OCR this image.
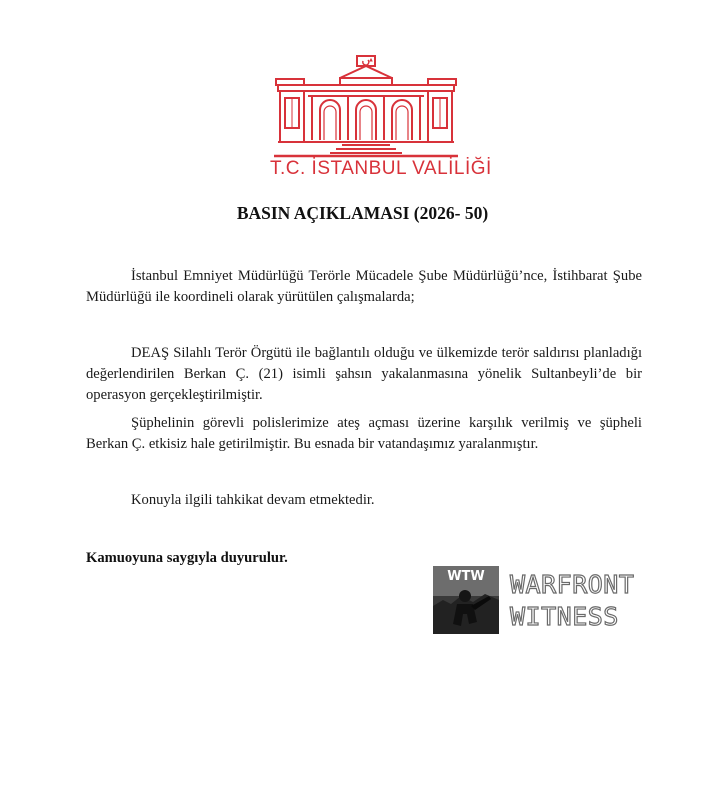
T.C. İSTANBUL VALİLİĞİ
BASIN AÇIKLAMASI (2026- 50)

İstanbul Emniyet Müdürlüğü Terörle Mücadele Şube Müdürlüğü’nce, İstihbarat Şube Müdürlüğü ile koordineli olarak yürütülen çalışmalarda;

DEAŞ Silahlı Terör Örgütü ile bağlantılı olduğu ve ülkemizde terör saldırısı planladığı değerlendirilen Berkan Ç. (21) isimli şahsın yakalanmasına yönelik Sultanbeyli’de bir operasyon gerçekleştirilmiştir.

Şüphelinin görevli polislerimize ateş açması üzerine karşılık verilmiş ve şüpheli Berkan Ç. etkisiz hale getirilmiştir. Bu esnada bir vatandaşımız yaralanmıştır.

Konuyla ilgili tahkikat devam etmektedir.

Kamuoyuna saygıyla duyurulur.
WTW WARFRONT
WITNESS
